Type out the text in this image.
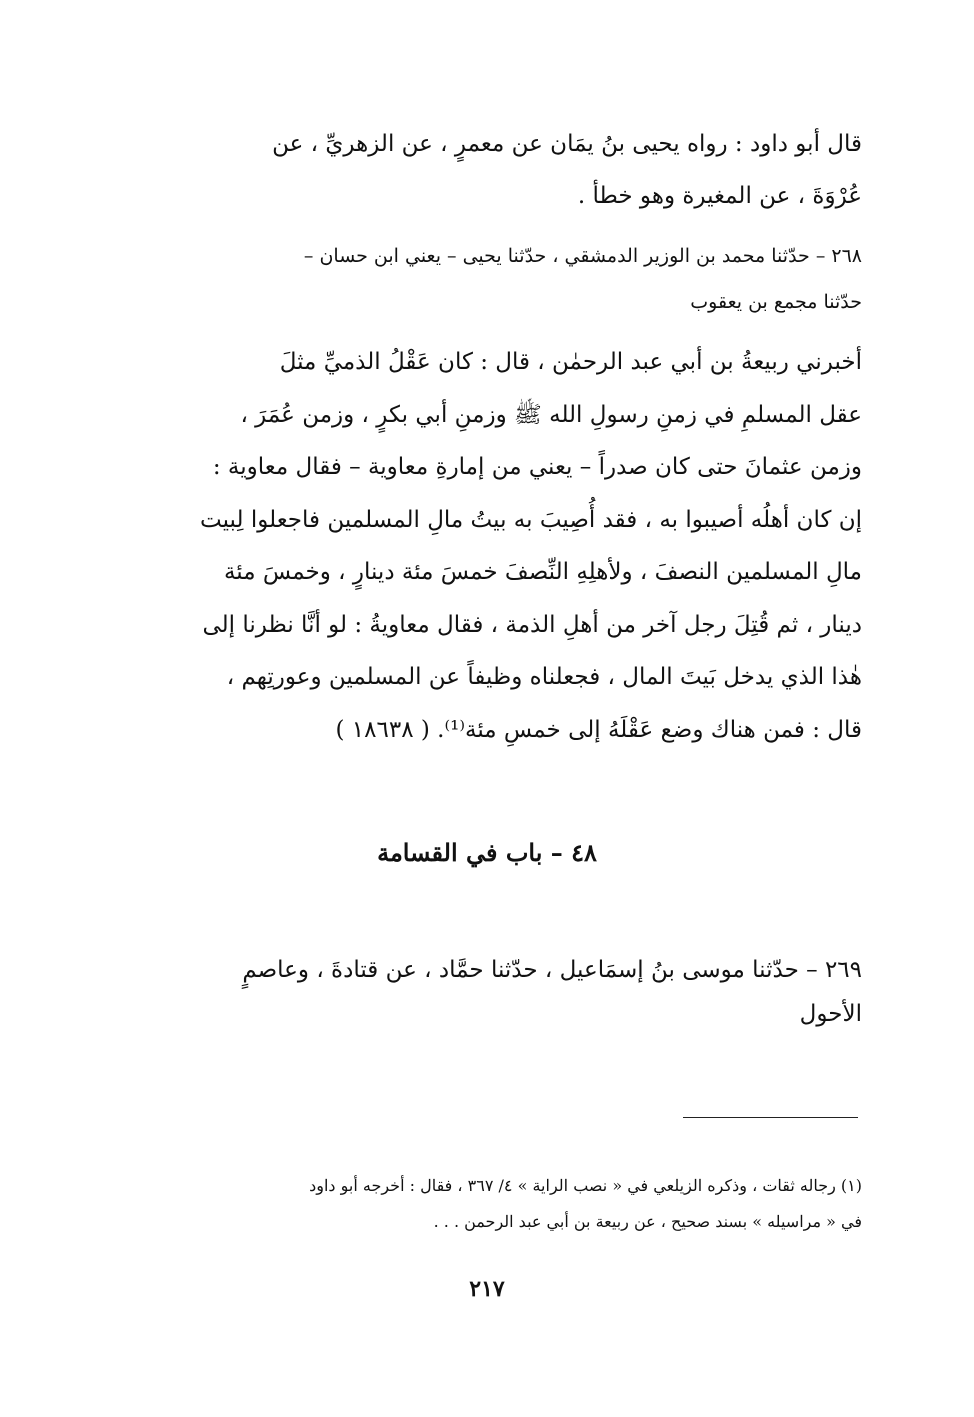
قال أبو داود : رواه يحيى بنُ يمَان عن معمرٍ ، عن الزهريِّ ، عن
عُرْوَةَ ، عن المغيرة وهو خطأ .
٢٦٨ – حدّثنا محمد بن الوزير الدمشقي ، حدّثنا يحيى – يعني ابن حسان –
حدّثنا مجمع بن يعقوب
أخبرني ربيعةُ بن أبي عبد الرحمٰن ، قال : كان عَقْلُ الذميِّ مثلَ
عقل المسلمِ في زمنِ رسولِ الله ﷺ وزمنِ أبي بكرٍ ، وزمن عُمَرَ ،
وزمن عثمانَ حتى كان صدراً – يعني من إمارةِ معاوية – فقال معاوية :
إن كان أهلُه أصيبوا به ، فقد أُصِيبَ به بيتُ مالِ المسلمين فاجعلوا لِبيت
مالِ المسلمين النصفَ ، ولأهلِهِ النِّصفَ خمسَ مئة دينارٍ ، وخمسَ مئة
دينار ، ثم قُتِلَ رجل آخر من أهلِ الذمة ، فقال معاويةُ : لو أنَّا نظرنا إلى
هٰذا الذي يدخل بَيتَ المال ، فجعلناه وظيفاً عن المسلمين وعورتِهم ،
قال : فمن هناك وضع عَقْلَهُ إلى خمسِ مئة⁽¹⁾. ( ١٨٦٣٨ )
٤٨ – باب في القسامة
٢٦٩ – حدّثنا موسى بنُ إسمَاعيل ، حدّثنا حمَّاد ، عن قتادةَ ، وعاصمٍ
الأحول
(١) رجاله ثقات ، وذكره الزيلعي في « نصب الراية » ٤/ ٣٦٧ ، فقال : أخرجه أبو داود
في « مراسيله » بسند صحيح ، عن ربيعة بن أبي عبد الرحمن . . .
٢١٧
